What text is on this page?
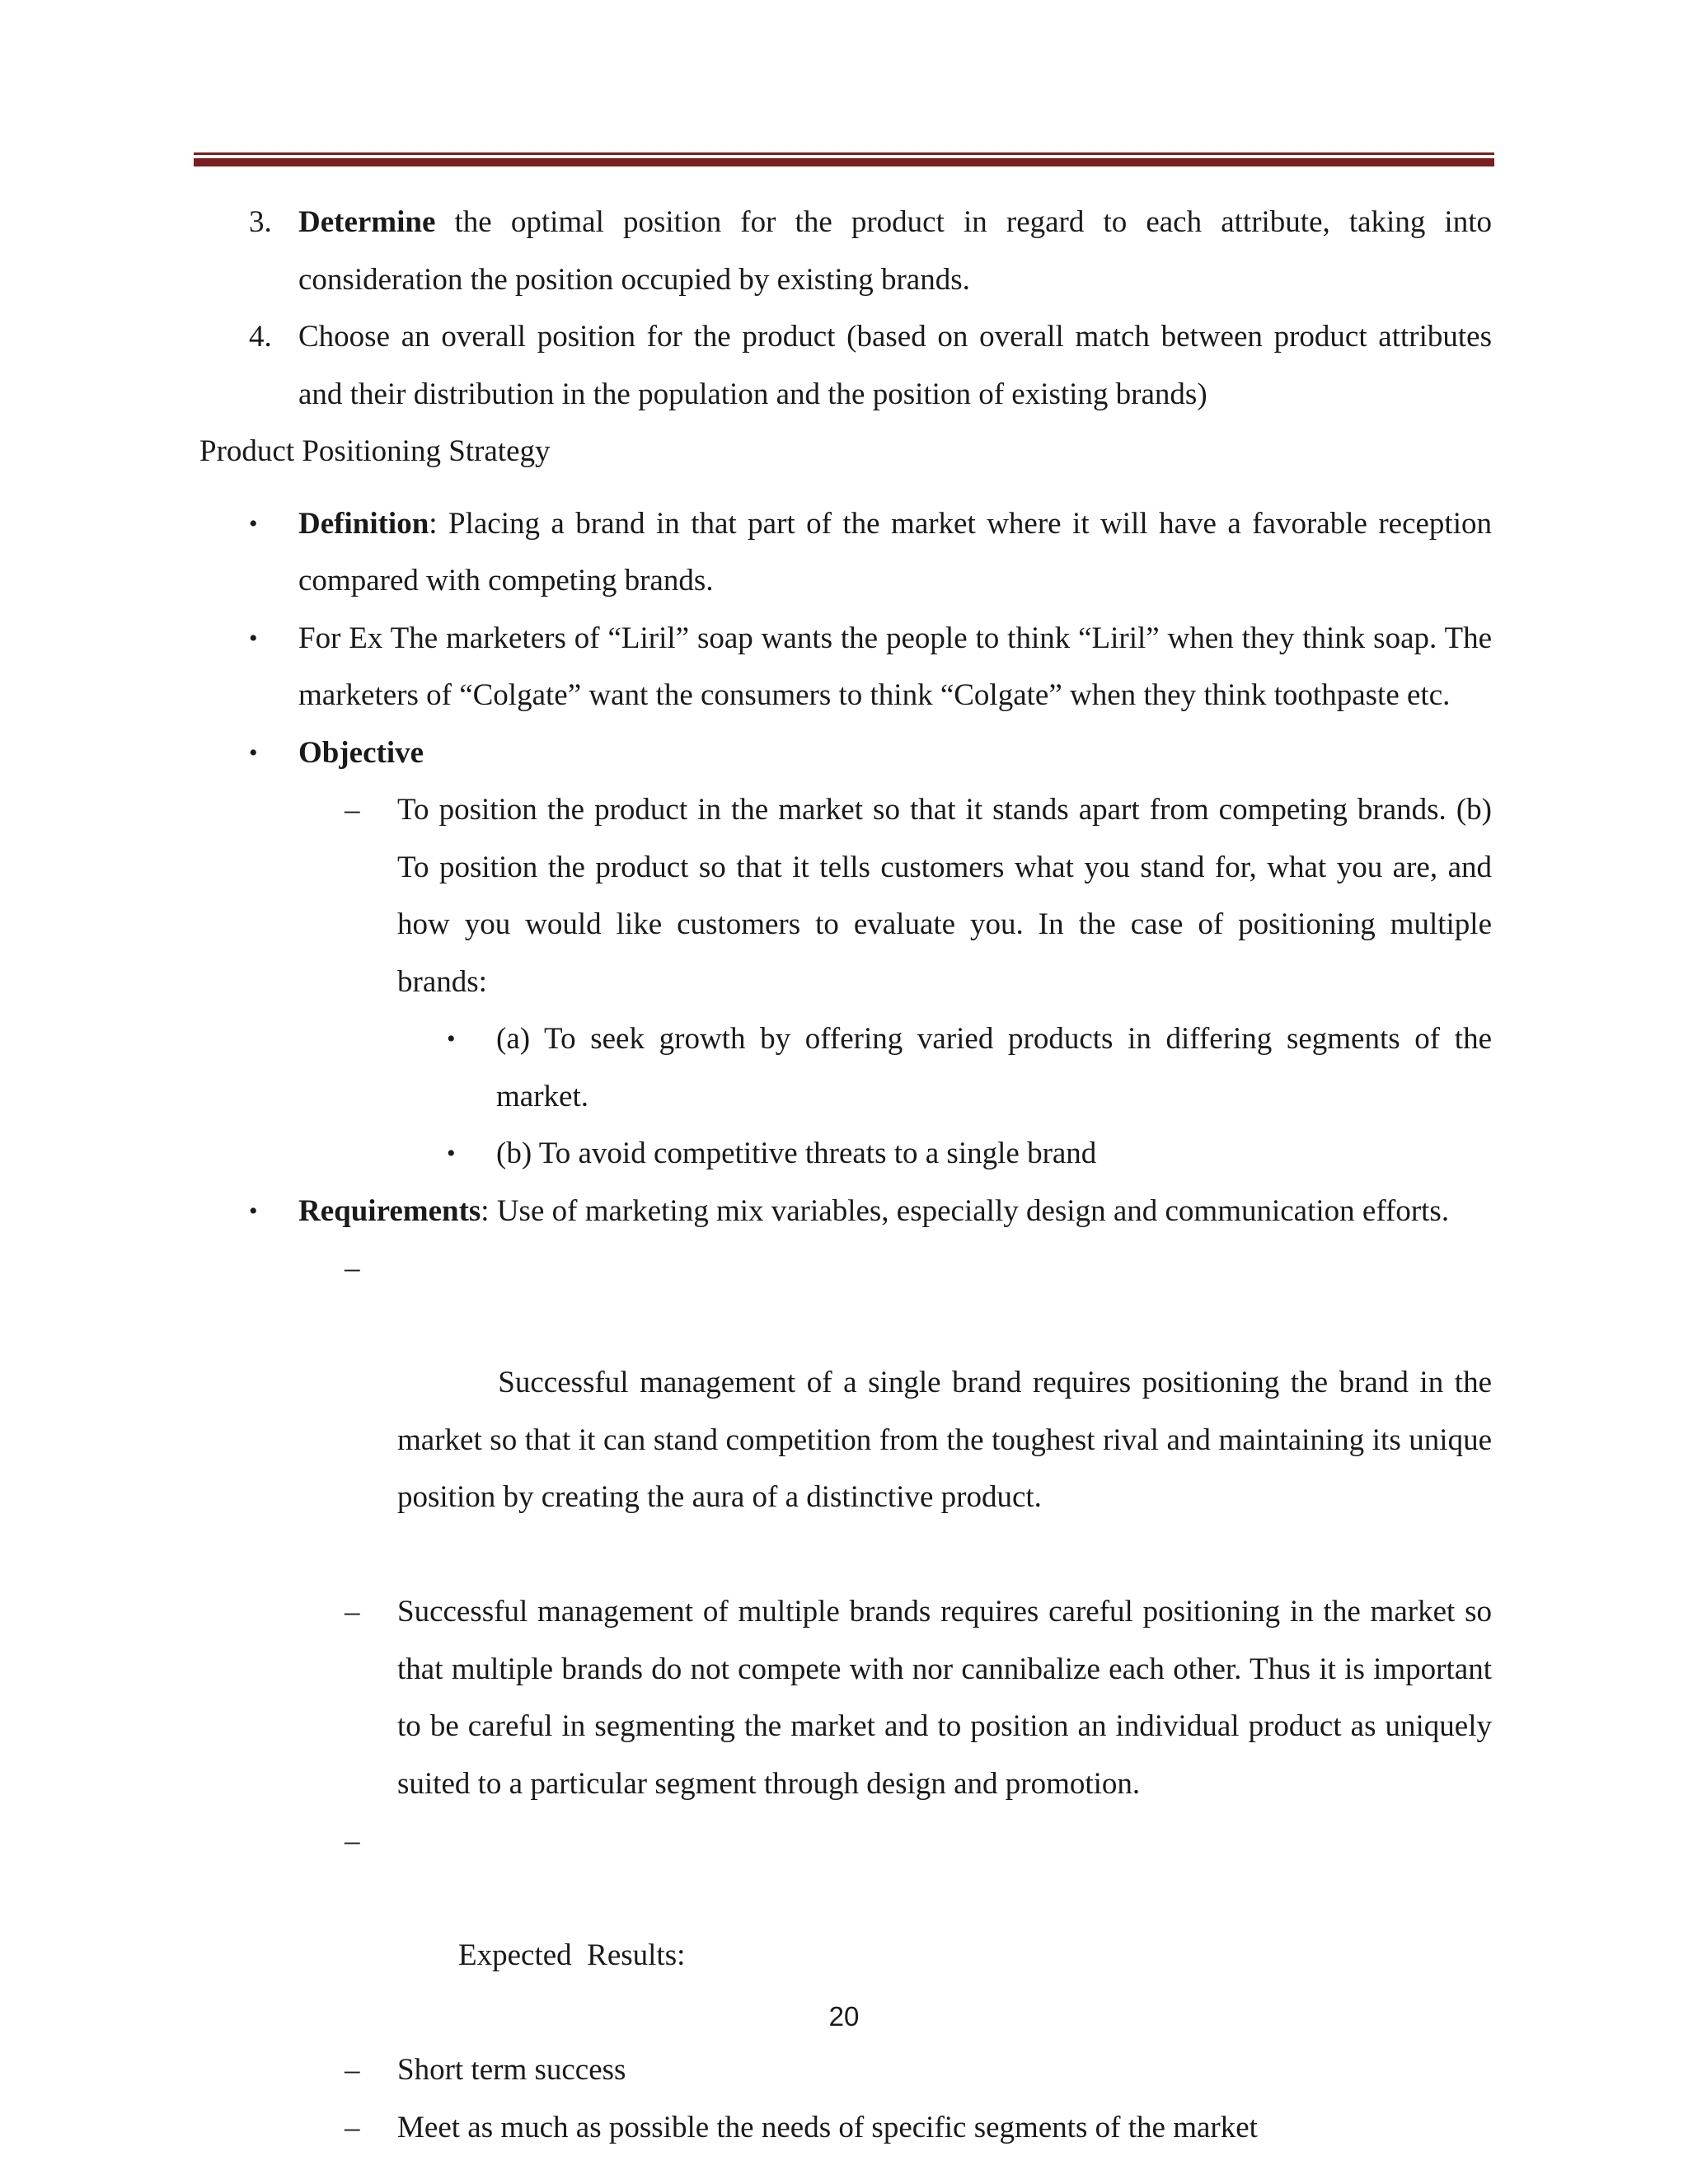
3. Determine the optimal position for the product in regard to each attribute, taking into consideration the position occupied by existing brands.
4. Choose an overall position for the product (based on overall match between product attributes and their distribution in the population and the position of existing brands)
Product Positioning Strategy
• Definition: Placing a brand in that part of the market where it will have a favorable reception compared with competing brands.
• For Ex The marketers of “Liril” soap wants the people to think “Liril” when they think soap. The marketers of “Colgate” want the consumers to think “Colgate” when they think toothpaste etc.
• Objective
– To position the product in the market so that it stands apart from competing brands. (b) To position the product so that it tells customers what you stand for, what you are, and how you would like customers to evaluate you. In the case of positioning multiple brands:
• (a) To seek growth by offering varied products in differing segments of the market.
• (b) To avoid competitive threats to a single brand
• Requirements: Use of marketing mix variables, especially design and communication efforts.

–

Successful management of a single brand requires positioning the brand in the market so that it can stand competition from the toughest rival and maintaining its unique position by creating the aura of a distinctive product.

– Successful management of multiple brands requires careful positioning in the market so that multiple brands do not compete with nor cannibalize each other. Thus it is important to be careful in segmenting the market and to position an individual product as uniquely suited to a particular segment through design and promotion.

–

Expected  Results:

– Short term success
– Meet as much as possible the needs of specific segments of the market
20
